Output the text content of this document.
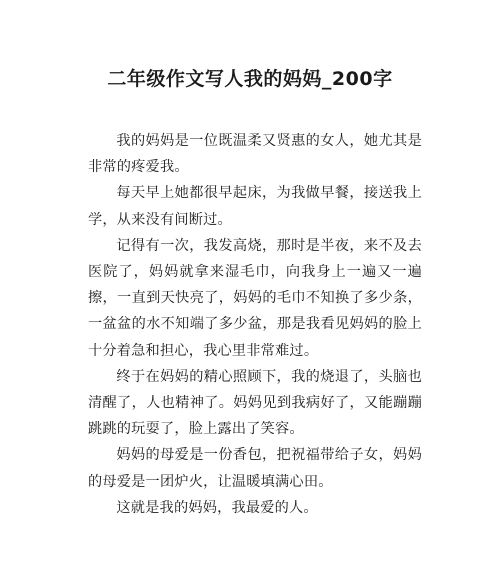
二年级作文写人我的妈妈_200字

我的妈妈是一位既温柔又贤惠的女人，她尤其是非常的疼爱我。

每天早上她都很早起床，为我做早餐，接送我上学，从来没有间断过。

记得有一次，我发高烧，那时是半夜，来不及去医院了，妈妈就拿来湿毛巾，向我身上一遍又一遍擦，一直到天快亮了，妈妈的毛巾不知换了多少条，一盆盆的水不知端了多少盆，那是我看见妈妈的脸上十分着急和担心，我心里非常难过。

终于在妈妈的精心照顾下，我的烧退了，头脑也清醒了，人也精神了。妈妈见到我病好了，又能蹦蹦跳跳的玩耍了，脸上露出了笑容。

妈妈的母爱是一份香包，把祝福带给子女，妈妈的母爱是一团炉火，让温暖填满心田。

这就是我的妈妈，我最爱的人。
